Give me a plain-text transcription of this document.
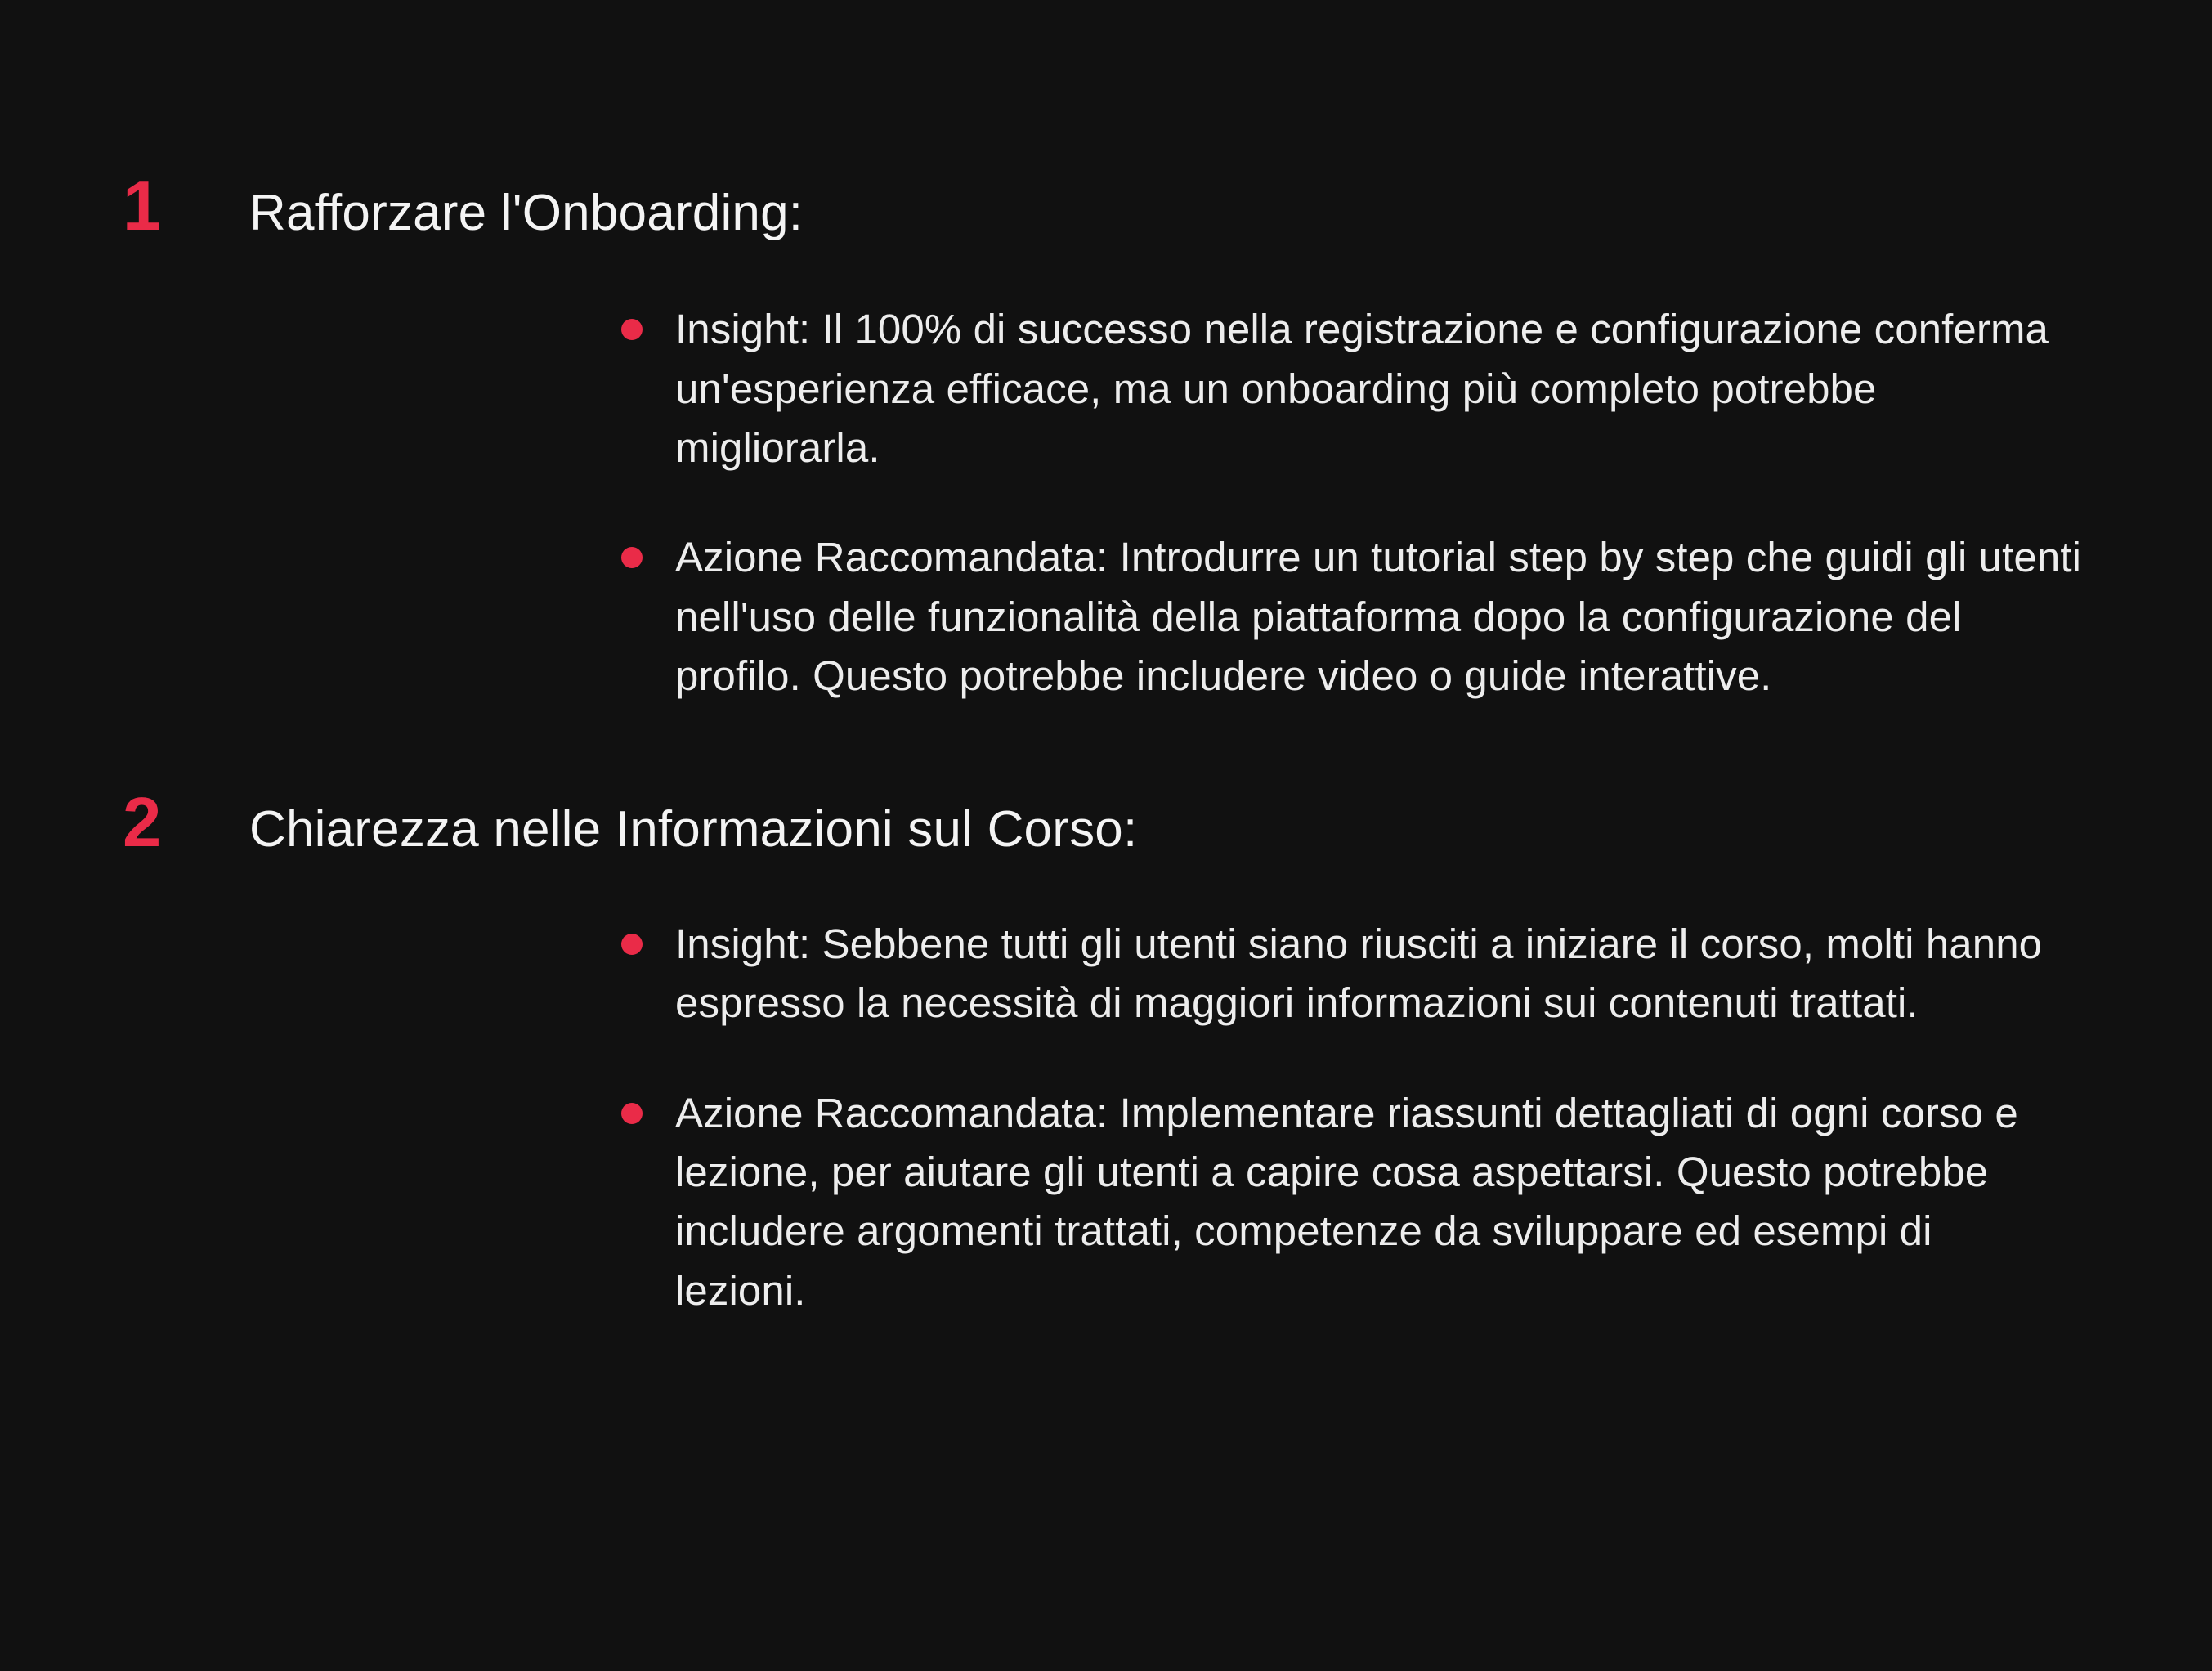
1	Rafforzare l'Onboarding:
Insight: Il 100% di successo nella registrazione e configurazione conferma un'esperienza efficace, ma un onboarding più completo potrebbe migliorarla.
Azione Raccomandata: Introdurre un tutorial step by step che guidi gli utenti nell'uso delle funzionalità della piattaforma dopo la configurazione del profilo. Questo potrebbe includere video o guide interattive.
2	Chiarezza nelle Informazioni sul Corso:
Insight: Sebbene tutti gli utenti siano riusciti a iniziare il corso, molti hanno espresso la necessità di maggiori informazioni sui contenuti trattati.
Azione Raccomandata: Implementare riassunti dettagliati di ogni corso e lezione, per aiutare gli utenti a capire cosa aspettarsi. Questo potrebbe includere argomenti trattati, competenze da sviluppare ed esempi di lezioni.
